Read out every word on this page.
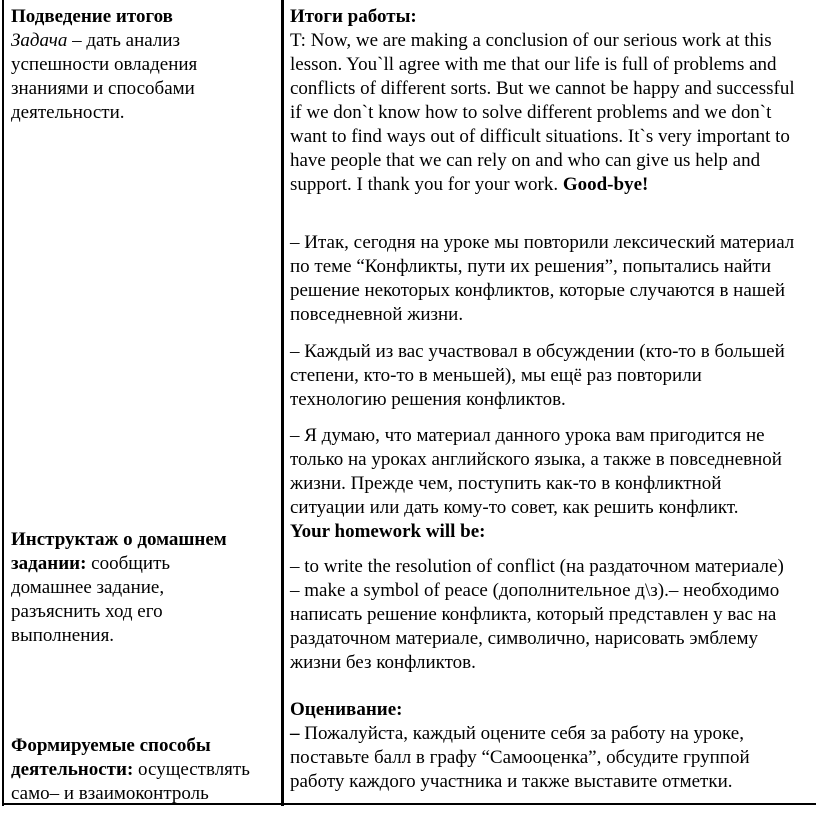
Подведение итогов

Задача – дать анализ

успешности овладения

знаниями и способами

деятельности.

Инструктаж о домашнем

задании: сообщить

домашнее задание,

разъяснить ход его

выполнения.

Формируемые способы

деятельности: осуществлять

само– и взаимоконтроль

Итоги работы:

T: Now, we are making a conclusion of our serious work at this

lesson. You`ll agree with me that our life is full of problems and

conflicts of different sorts. But we cannot be happy and successful

if we don`t know how to solve different problems and we don`t

want to find ways out of difficult situations. It`s very important to

have people that we can rely on and who can give us help and

support. I thank you for your work. Good-bye!

– Итак, сегодня на уроке мы повторили лексический материал

по теме “Конфликты, пути их решения”, попытались найти

решение некоторых конфликтов, которые случаются в нашей

повседневной жизни.

– Каждый из вас участвовал в обсуждении (кто-то в большей

степени, кто-то в меньшей), мы ещё раз повторили

технологию решения конфликтов.

– Я думаю, что материал данного урока вам пригодится не

только на уроках английского языка, а также в повседневной

жизни. Прежде чем, поступить как-то в конфликтной

ситуации или дать кому-то совет, как решить конфликт.

Your homework will be:

– to write the resolution of conflict (на раздаточном материале)

– make a symbol of peace (дополнительное д\з).– необходимо

написать решение конфликта, который представлен у вас на

раздаточном материале, символично, нарисовать эмблему

жизни без конфликтов.

Оценивание:

– Пожалуйста, каждый оцените себя за работу на уроке,

поставьте балл в графу “Самооценка”, обсудите группой

работу каждого участника и также выставите отметки.
